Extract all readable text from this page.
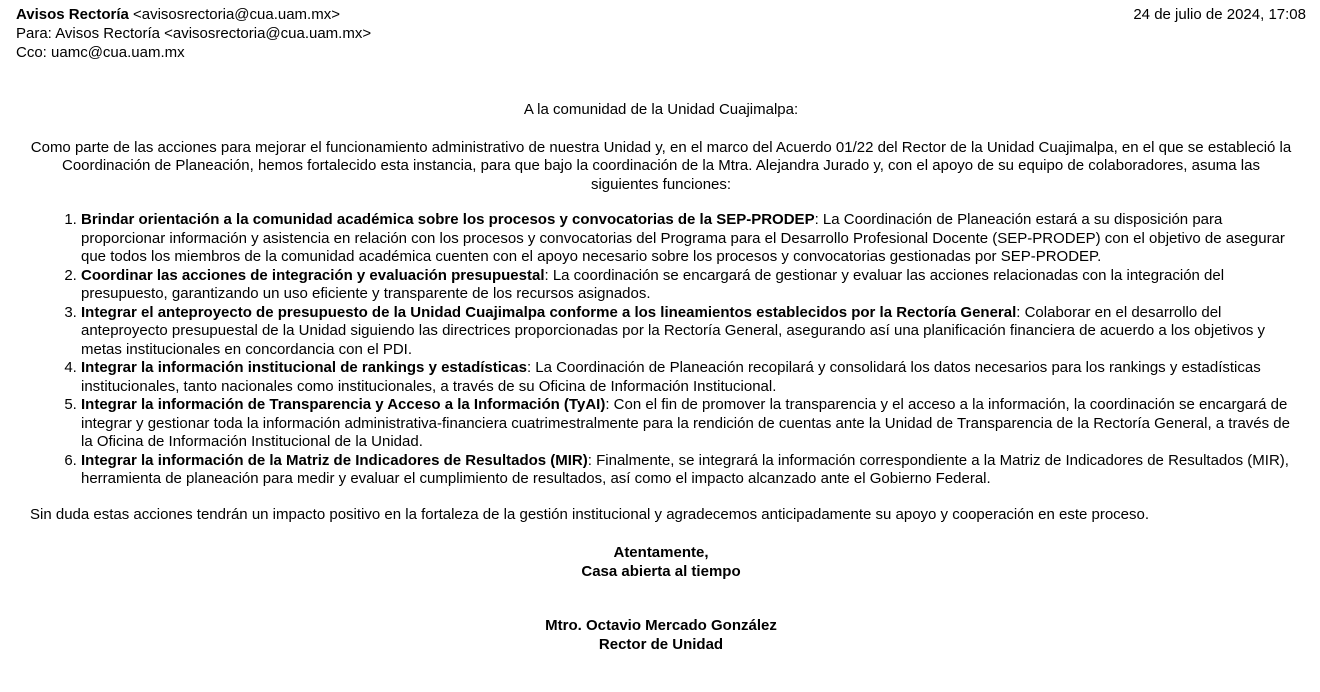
Avisos Rectoría <avisosrectoria@cua.uam.mx>
Para: Avisos Rectoría <avisosrectoria@cua.uam.mx>
Cco: uamc@cua.uam.mx
24 de julio de 2024, 17:08

A la comunidad de la Unidad Cuajimalpa:

Como parte de las acciones para mejorar el funcionamiento administrativo de nuestra Unidad y, en el marco del Acuerdo 01/22 del Rector de la Unidad Cuajimalpa, en el que se estableció la Coordinación de Planeación, hemos fortalecido esta instancia, para que bajo la coordinación de la Mtra. Alejandra Jurado y, con el apoyo de su equipo de colaboradores, asuma las siguientes funciones:

1. Brindar orientación a la comunidad académica sobre los procesos y convocatorias de la SEP-PRODEP: La Coordinación de Planeación estará a su disposición para proporcionar información y asistencia en relación con los procesos y convocatorias del Programa para el Desarrollo Profesional Docente (SEP-PRODEP) con el objetivo de asegurar que todos los miembros de la comunidad académica cuenten con el apoyo necesario sobre los procesos y convocatorias gestionadas por SEP-PRODEP.
2. Coordinar las acciones de integración y evaluación presupuestal: La coordinación se encargará de gestionar y evaluar las acciones relacionadas con la integración del presupuesto, garantizando un uso eficiente y transparente de los recursos asignados.
3. Integrar el anteproyecto de presupuesto de la Unidad Cuajimalpa conforme a los lineamientos establecidos por la Rectoría General: Colaborar en el desarrollo del anteproyecto presupuestal de la Unidad siguiendo las directrices proporcionadas por la Rectoría General, asegurando así una planificación financiera de acuerdo a los objetivos y metas institucionales en concordancia con el PDI.
4. Integrar la información institucional de rankings y estadísticas: La Coordinación de Planeación recopilará y consolidará los datos necesarios para los rankings y estadísticas institucionales, tanto nacionales como institucionales, a través de su Oficina de Información Institucional.
5. Integrar la información de Transparencia y Acceso a la Información (TyAI): Con el fin de promover la transparencia y el acceso a la información, la coordinación se encargará de integrar y gestionar toda la información administrativa-financiera cuatrimestralmente para la rendición de cuentas ante la Unidad de Transparencia de la Rectoría General, a través de la Oficina de Información Institucional de la Unidad.
6. Integrar la información de la Matriz de Indicadores de Resultados (MIR): Finalmente, se integrará la información correspondiente a la Matriz de Indicadores de Resultados (MIR), herramienta de planeación para medir y evaluar el cumplimiento de resultados, así como el impacto alcanzado ante el Gobierno Federal.

Sin duda estas acciones tendrán un impacto positivo en la fortaleza de la gestión institucional y agradecemos anticipadamente su apoyo y cooperación en este proceso.

Atentamente,

Casa abierta al tiempo

Mtro. Octavio Mercado González

Rector de Unidad
